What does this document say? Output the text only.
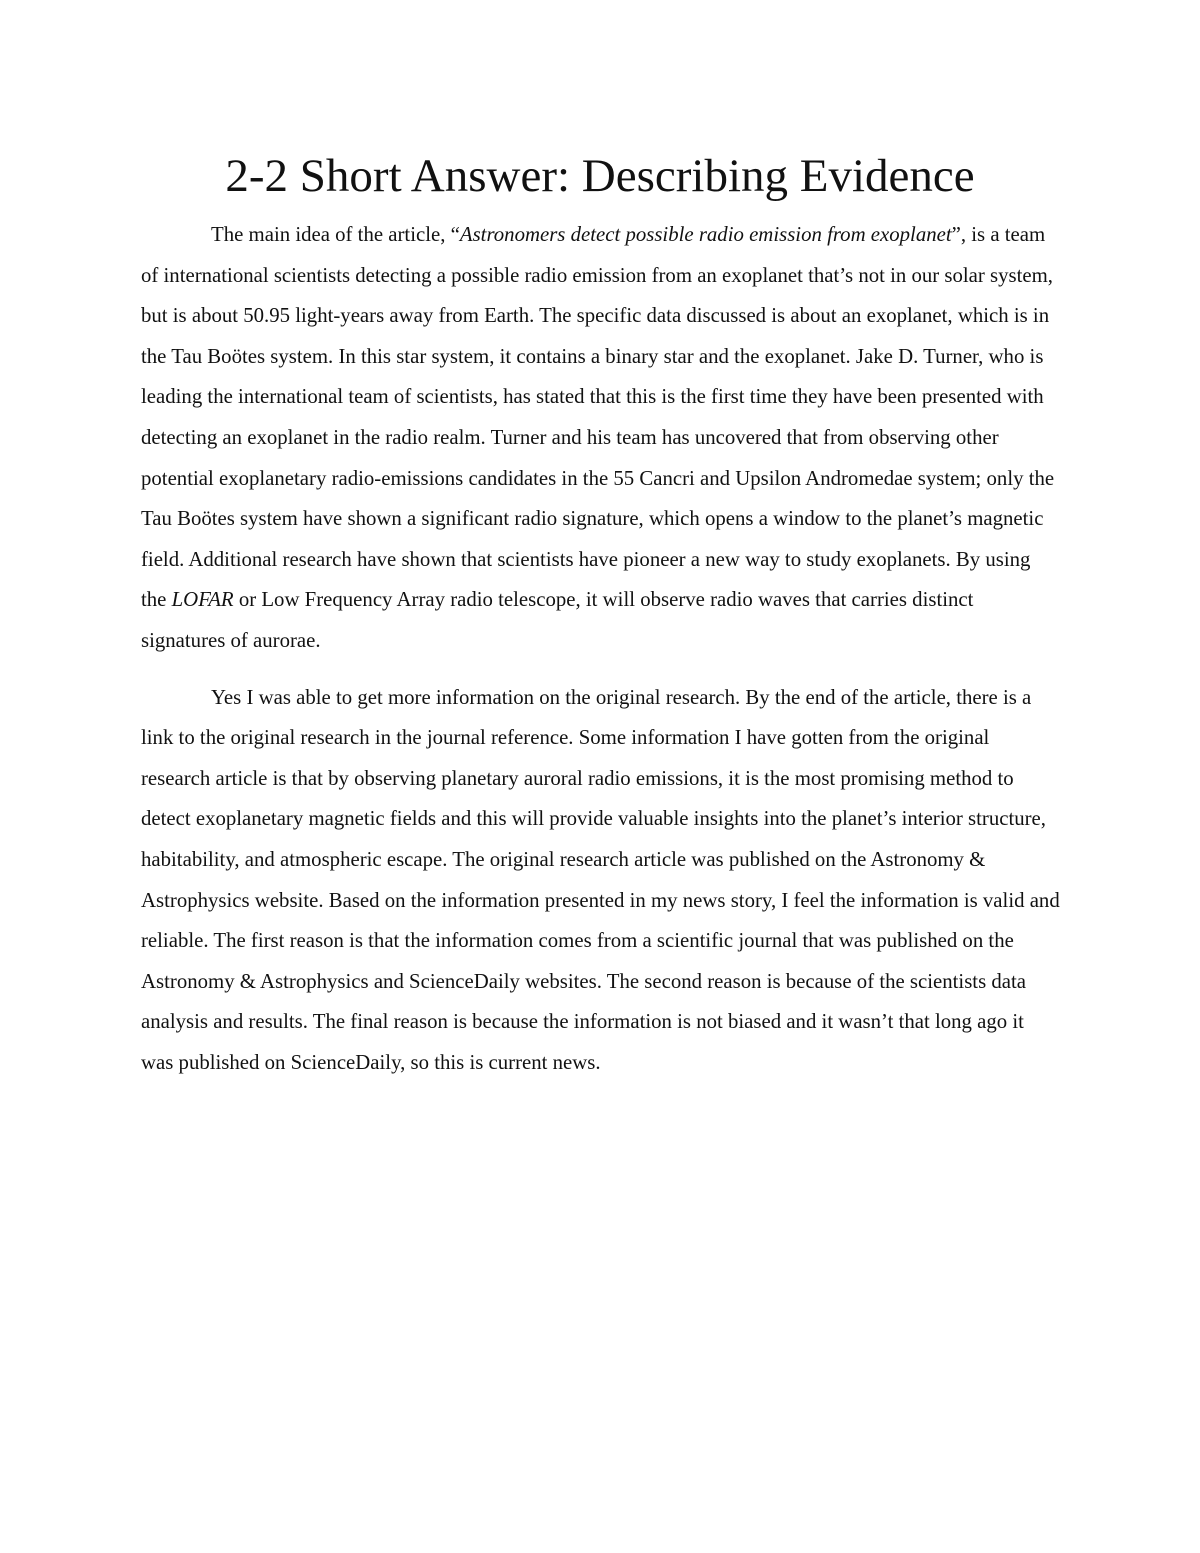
2-2 Short Answer: Describing Evidence

The main idea of the article, “Astronomers detect possible radio emission from exoplanet”, is a team of international scientists detecting a possible radio emission from an exoplanet that’s not in our solar system, but is about 50.95 light-years away from Earth. The specific data discussed is about an exoplanet, which is in the Tau Boötes system. In this star system, it contains a binary star and the exoplanet. Jake D. Turner, who is leading the international team of scientists, has stated that this is the first time they have been presented with detecting an exoplanet in the radio realm. Turner and his team has uncovered that from observing other potential exoplanetary radio-emissions candidates in the 55 Cancri and Upsilon Andromedae system; only the Tau Boötes system have shown a significant radio signature, which opens a window to the planet’s magnetic field. Additional research have shown that scientists have pioneer a new way to study exoplanets. By using the LOFAR or Low Frequency Array radio telescope, it will observe radio waves that carries distinct signatures of aurorae.

Yes I was able to get more information on the original research. By the end of the article, there is a link to the original research in the journal reference. Some information I have gotten from the original research article is that by observing planetary auroral radio emissions, it is the most promising method to detect exoplanetary magnetic fields and this will provide valuable insights into the planet’s interior structure, habitability, and atmospheric escape. The original research article was published on the Astronomy & Astrophysics website. Based on the information presented in my news story, I feel the information is valid and reliable. The first reason is that the information comes from a scientific journal that was published on the Astronomy & Astrophysics and ScienceDaily websites. The second reason is because of the scientists data analysis and results. The final reason is because the information is not biased and it wasn’t that long ago it was published on ScienceDaily, so this is current news.
